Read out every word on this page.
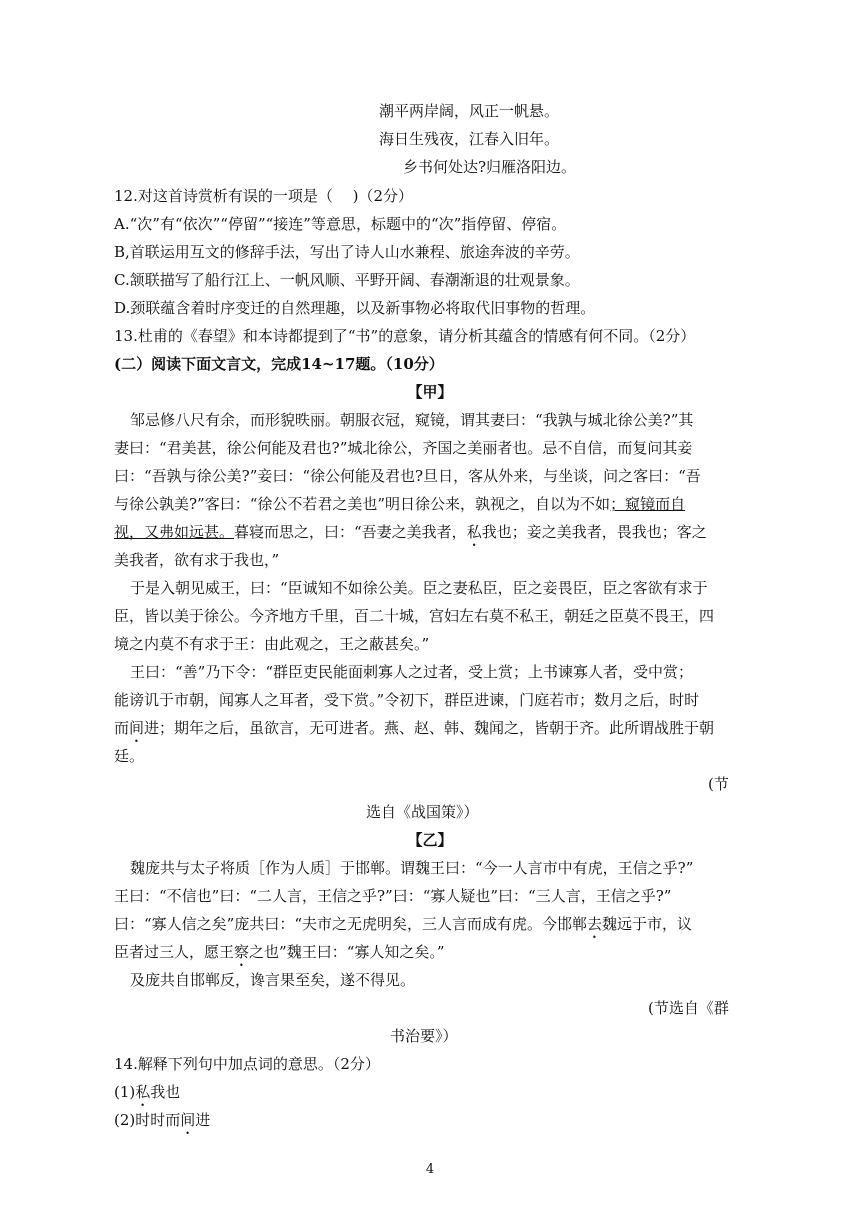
潮平两岸阔，风正一帆悬。
海日生残夜，江春入旧年。
乡书何处达?归雁洛阳边。
12.对这首诗赏析有误的一项是（　 )（2分）
A.“次”有“依次”“停留”“接连”等意思，标题中的“次”指停留、停宿。
B,首联运用互文的修辞手法，写出了诗人山水兼程、旅途奔波的辛劳。
C.颔联描写了船行江上、一帆风顺、平野开阔、春潮渐退的壮观景象。
D.颈联蕴含着时序变迁的自然理趣，以及新事物必将取代旧事物的哲理。
13.杜甫的《春望》和本诗都提到了“书”的意象，请分析其蕴含的情感有何不同。（2分）
(二）阅读下面文言文，完成14~17题。（10分）
【甲】
邹忌修八尺有余，而形貌昳丽。朝服衣冠，窥镜，谓其妻曰：“我孰与城北徐公美?”其
妻曰：“君美甚，徐公何能及君也?”城北徐公，齐国之美丽者也。忌不自信，而复问其妾
曰：“吾孰与徐公美?”妾曰：“徐公何能及君也?旦日，客从外来，与坐谈，问之客曰：“吾
与徐公孰美?”客曰：“徐公不若君之美也”明日徐公来，孰视之，自以为不如；窥镜而自
视，又弗如远甚。暮寝而思之，曰：“吾妻之美我者，私我也；妾之美我者，畏我也；客之
美我者，欲有求于我也，”
于是入朝见威王，曰：“臣诚知不如徐公美。臣之妻私臣，臣之妾畏臣，臣之客欲有求于
臣，皆以美于徐公。今齐地方千里，百二十城，宫妇左右莫不私王，朝廷之臣莫不畏王，四
境之内莫不有求于王：由此观之，王之蔽甚矣。”
王曰：“善”乃下令：“群臣吏民能面刺寡人之过者，受上赏；上书谏寡人者，受中赏；
能谤讥于市朝，闻寡人之耳者，受下赏。”令初下，群臣进谏，门庭若市；数月之后，时时
而间进；期年之后，虽欲言，无可进者。燕、赵、韩、魏闻之，皆朝于齐。此所谓战胜于朝
廷。
(节
选自《战国策》）
【乙】
魏庞共与太子将质［作为人质］于邯郸。谓魏王曰：“今一人言市中有虎，王信之乎?”
王曰：“不信也”曰：“二人言，王信之乎?”曰：“寡人疑也”曰：“三人言，王信之乎?”
曰：“寡人信之矣”庞共曰：“夫市之无虎明矣，三人言而成有虎。今邯郸去魏远于市，议
臣者过三人，愿王察之也”魏王曰：“寡人知之矣。”
及庞共自邯郸反，谗言果至矣，遂不得见。
(节选自《群
书治要》）
14.解释下列句中加点词的意思。（2分）
(1)私我也
(2)时时而间进
4
